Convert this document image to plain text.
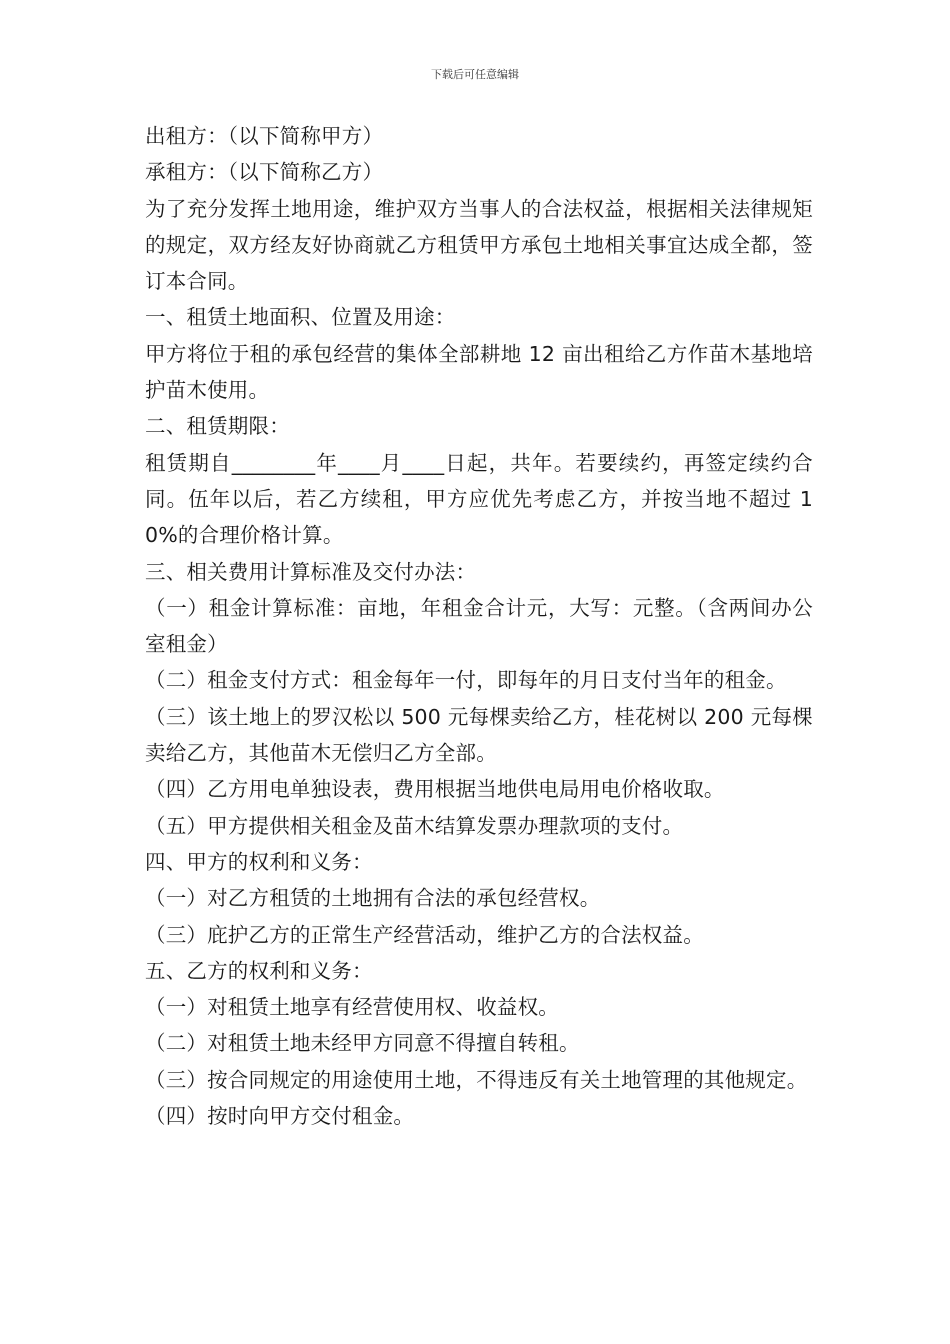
下载后可任意编辑

出租方：（以下简称甲方）

承租方：（以下简称乙方）

为了充分发挥土地用途，维护双方当事人的合法权益，根据相关法律规矩的规定，双方经友好协商就乙方租赁甲方承包土地相关事宜达成全都，签订本合同。

一、租赁土地面积、位置及用途：

甲方将位于租的承包经营的集体全部耕地 12 亩出租给乙方作苗木基地培护苗木使用。

二、租赁期限：

租赁期自________年____月____日起，共年。若要续约，再签定续约合同。伍年以后，若乙方续租，甲方应优先考虑乙方，并按当地不超过 10%的合理价格计算。

三、相关费用计算标准及交付办法：

（一）租金计算标准：亩地，年租金合计元，大写：元整。（含两间办公室租金）

（二）租金支付方式：租金每年一付，即每年的月日支付当年的租金。

（三）该土地上的罗汉松以 500 元每棵卖给乙方，桂花树以 200 元每棵卖给乙方，其他苗木无偿归乙方全部。

（四）乙方用电单独设表，费用根据当地供电局用电价格收取。

（五）甲方提供相关租金及苗木结算发票办理款项的支付。

四、甲方的权利和义务：

（一）对乙方租赁的土地拥有合法的承包经营权。

（三）庇护乙方的正常生产经营活动，维护乙方的合法权益。

五、乙方的权利和义务：

（一）对租赁土地享有经营使用权、收益权。

（二）对租赁土地未经甲方同意不得擅自转租。

（三）按合同规定的用途使用土地，不得违反有关土地管理的其他规定。

（四）按时向甲方交付租金。
